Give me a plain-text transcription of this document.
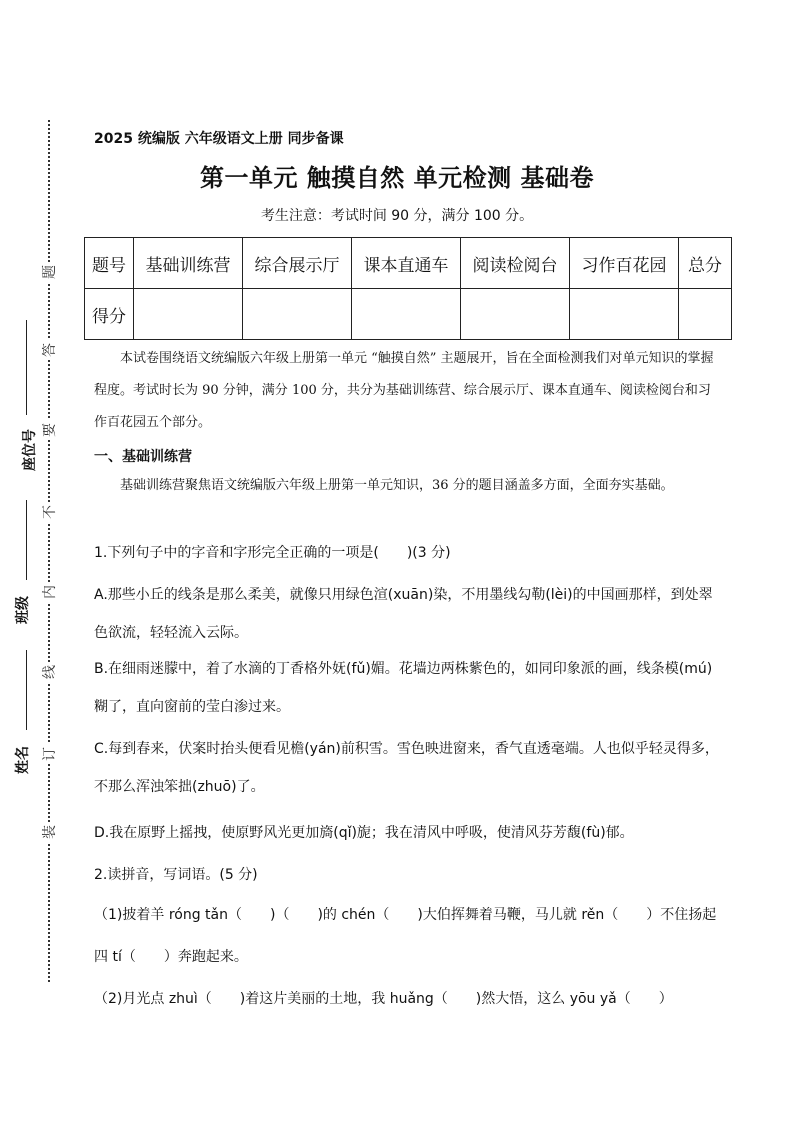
题
答
要
不
内
线
订
装
座位号
班级
姓名
2025 统编版 六年级语文上册 同步备课
第一单元 触摸自然 单元检测 基础卷
考生注意：考试时间 90 分，满分 100 分。
题号	基础训练营	综合展示厅	课本直通车	阅读检阅台	习作百花园	总分
得分						
本试卷围绕语文统编版六年级上册第一单元 “触摸自然” 主题展开，旨在全面检测我们对单元知识的掌握程度。考试时长为 90 分钟，满分 100 分，共分为基础训练营、综合展示厅、课本直通车、阅读检阅台和习作百花园五个部分。
一、基础训练营
基础训练营聚焦语文统编版六年级上册第一单元知识，36 分的题目涵盖多方面，全面夯实基础。
1.下列句子中的字音和字形完全正确的一项是(　　)(3 分)
A.那些小丘的线条是那么柔美，就像只用绿色渲(xuān)染，不用墨线勾勒(lèi)的中国画那样，到处翠色欲流，轻轻流入云际。
B.在细雨迷朦中，着了水滴的丁香格外妩(fǔ)媚。花墙边两株紫色的，如同印象派的画，线条模(mú)糊了，直向窗前的莹白渗过来。
C.每到春来，伏案时抬头便看见檐(yán)前积雪。雪色映进窗来，香气直透毫端。人也似乎轻灵得多，不那么浑浊笨拙(zhuō)了。
D.我在原野上摇拽，使原野风光更加旖(qǐ)旎；我在清风中呼吸，使清风芬芳馥(fù)郁。
2.读拼音，写词语。(5 分)
（1)披着羊 róng tǎn（　　)（　　)的 chén（　　)大伯挥舞着马鞭，马儿就 rěn（　　）不住扬起四 tí（　　）奔跑起来。
（2)月光点 zhuì（　　)着这片美丽的土地，我 huǎng（　　)然大悟，这么 yōu yǎ（　　）
